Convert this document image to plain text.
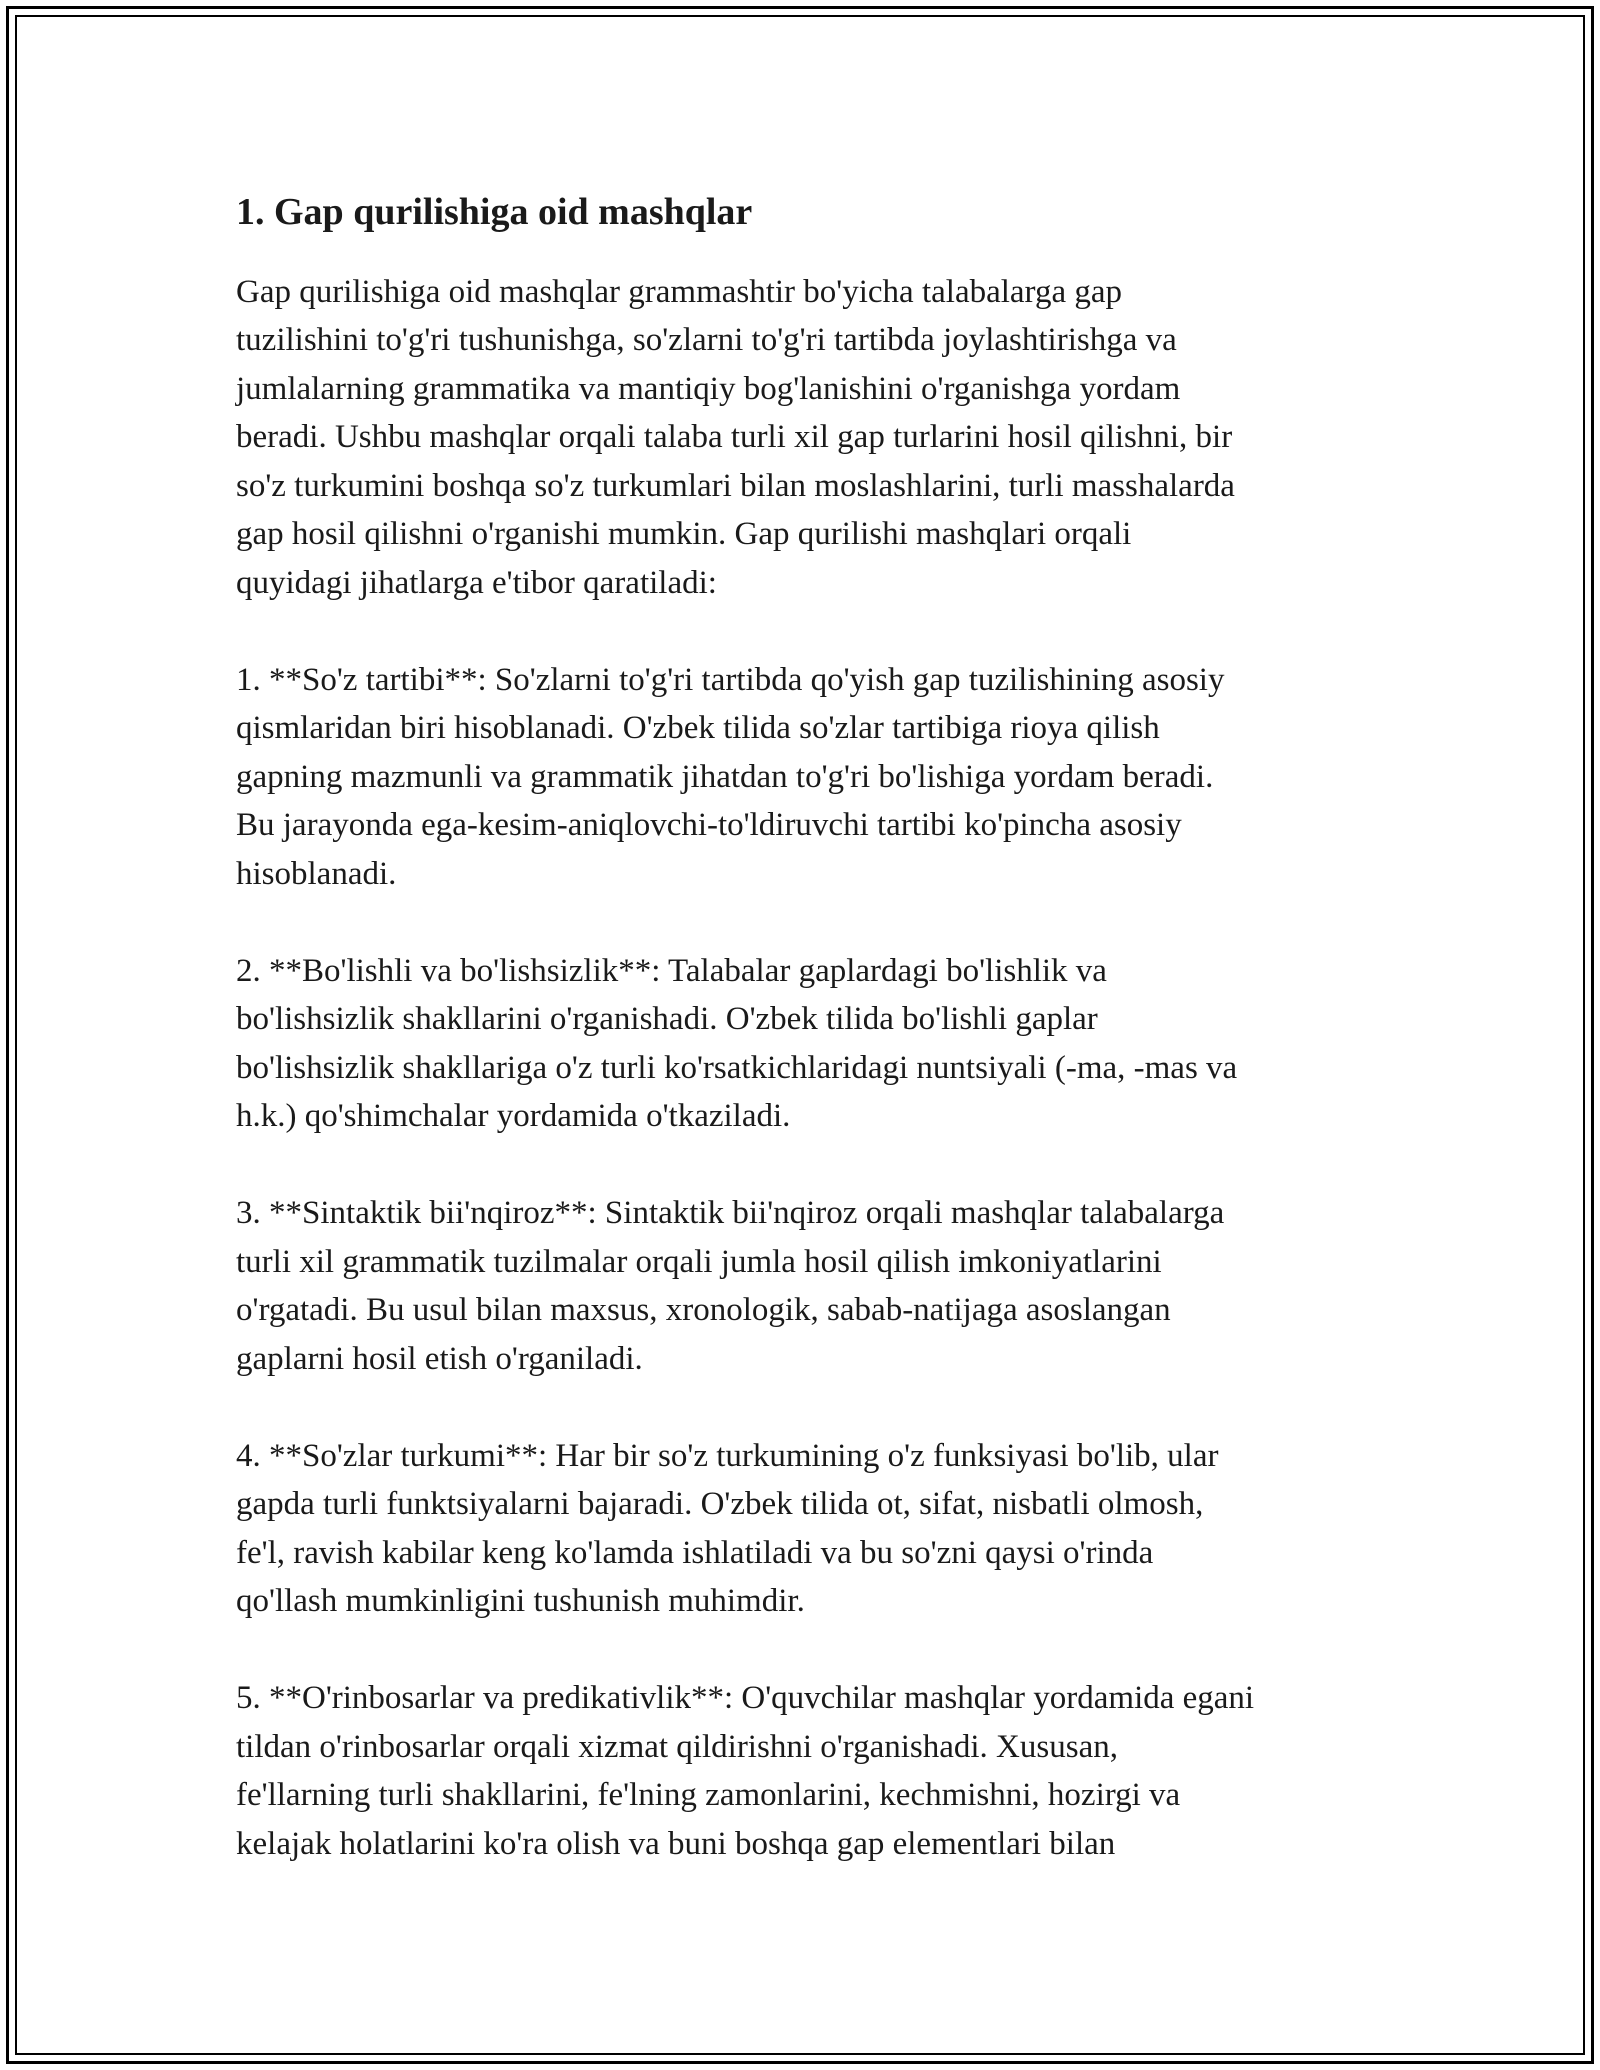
1. Gap qurilishiga oid mashqlar

Gap qurilishiga oid mashqlar grammashtir bo'yicha talabalarga gap
tuzilishini to'g'ri tushunishga, so'zlarni to'g'ri tartibda joylashtirishga va
jumlalarning grammatika va mantiqiy bog'lanishini o'rganishga yordam
beradi. Ushbu mashqlar orqali talaba turli xil gap turlarini hosil qilishni, bir
so'z turkumini boshqa so'z turkumlari bilan moslashlarini, turli masshalarda
gap hosil qilishni o'rganishi mumkin. Gap qurilishi mashqlari orqali
quyidagi jihatlarga e'tibor qaratiladi:

1. **So'z tartibi**: So'zlarni to'g'ri tartibda qo'yish gap tuzilishining asosiy
qismlaridan biri hisoblanadi. O'zbek tilida so'zlar tartibiga rioya qilish
gapning mazmunli va grammatik jihatdan to'g'ri bo'lishiga yordam beradi.
Bu jarayonda ega-kesim-aniqlovchi-to'ldiruvchi tartibi ko'pincha asosiy
hisoblanadi.

2. **Bo'lishli va bo'lishsizlik**: Talabalar gaplardagi bo'lishlik va
bo'lishsizlik shakllarini o'rganishadi. O'zbek tilida bo'lishli gaplar
bo'lishsizlik shakllariga o'z turli ko'rsatkichlaridagi nuntsiyali (-ma, -mas va
h.k.) qo'shimchalar yordamida o'tkaziladi.

3. **Sintaktik bii'nqiroz**: Sintaktik bii'nqiroz orqali mashqlar talabalarga
turli xil grammatik tuzilmalar orqali jumla hosil qilish imkoniyatlarini
o'rgatadi. Bu usul bilan maxsus, xronologik, sabab-natijaga asoslangan
gaplarni hosil etish o'rganiladi.

4. **So'zlar turkumi**: Har bir so'z turkumining o'z funksiyasi bo'lib, ular
gapda turli funktsiyalarni bajaradi. O'zbek tilida ot, sifat, nisbatli olmosh,
fe'l, ravish kabilar keng ko'lamda ishlatiladi va bu so'zni qaysi o'rinda
qo'llash mumkinligini tushunish muhimdir.

5. **O'rinbosarlar va predikativlik**: O'quvchilar mashqlar yordamida egani
tildan o'rinbosarlar orqali xizmat qildirishni o'rganishadi. Xususan,
fe'llarning turli shakllarini, fe'lning zamonlarini, kechmishni, hozirgi va
kelajak holatlarini ko'ra olish va buni boshqa gap elementlari bilan
